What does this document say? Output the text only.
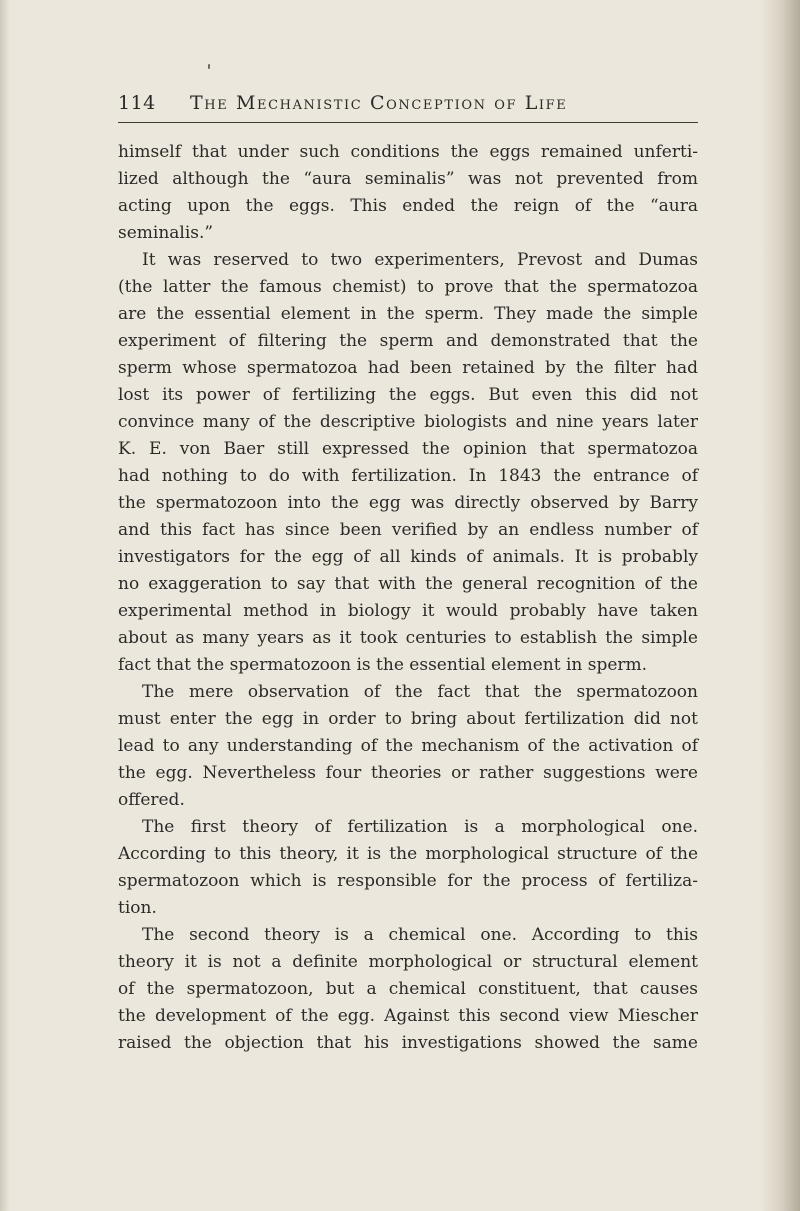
114 The Mechanistic Conception of Life
himself that under such conditions the eggs remained unferti-
lized although the “aura seminalis” was not prevented from
acting upon the eggs. This ended the reign of the “aura
seminalis.”
It was reserved to two experimenters, Prevost and Dumas
(the latter the famous chemist) to prove that the spermatozoa
are the essential element in the sperm. They made the simple
experiment of filtering the sperm and demonstrated that the
sperm whose spermatozoa had been retained by the filter had
lost its power of fertilizing the eggs. But even this did not
convince many of the descriptive biologists and nine years later
K. E. von Baer still expressed the opinion that spermatozoa
had nothing to do with fertilization. In 1843 the entrance of
the spermatozoon into the egg was directly observed by Barry
and this fact has since been verified by an endless number of
investigators for the egg of all kinds of animals. It is probably
no exaggeration to say that with the general recognition of the
experimental method in biology it would probably have taken
about as many years as it took centuries to establish the simple
fact that the spermatozoon is the essential element in sperm.
The mere observation of the fact that the spermatozoon
must enter the egg in order to bring about fertilization did not
lead to any understanding of the mechanism of the activation of
the egg. Nevertheless four theories or rather suggestions were
offered.
The first theory of fertilization is a morphological one.
According to this theory, it is the morphological structure of the
spermatozoon which is responsible for the process of fertiliza-
tion.
The second theory is a chemical one. According to this
theory it is not a definite morphological or structural element
of the spermatozoon, but a chemical constituent, that causes
the development of the egg. Against this second view Miescher
raised the objection that his investigations showed the same
